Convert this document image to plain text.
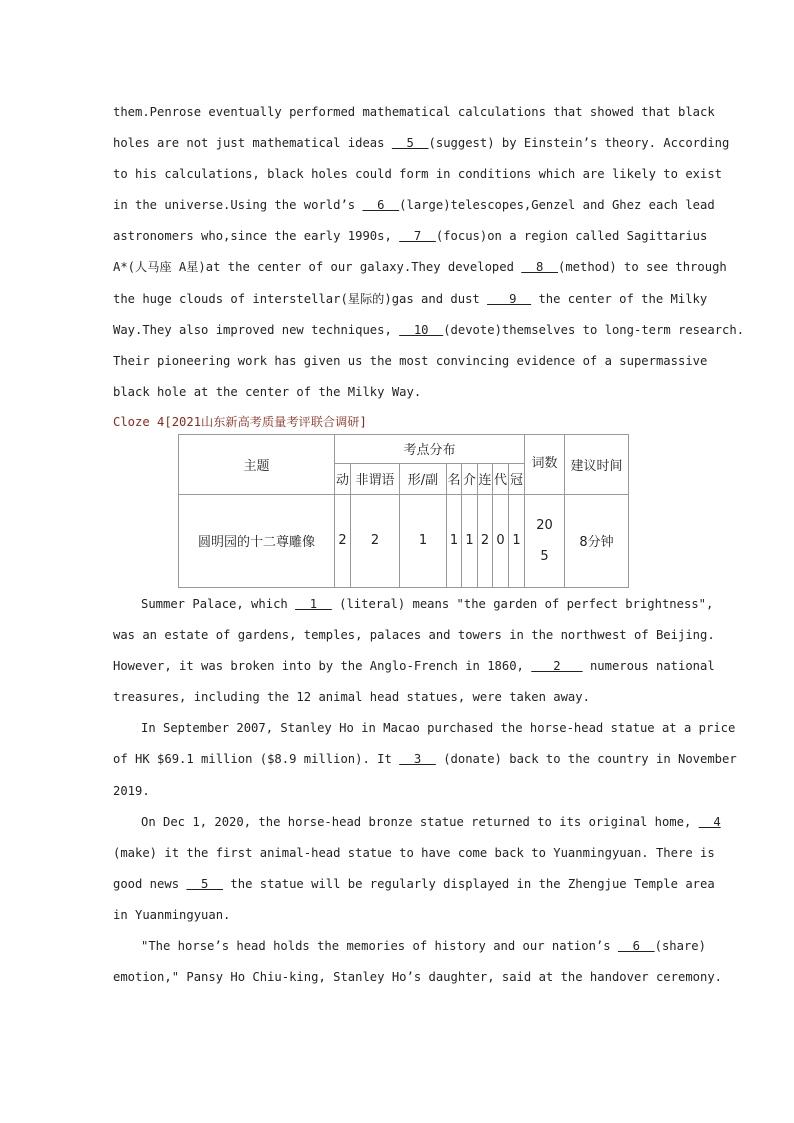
them.Penrose eventually performed mathematical calculations that showed that black

holes are not just mathematical ideas   5  (suggest) by Einstein’s theory. According

to his calculations, black holes could form in conditions which are likely to exist

in the universe.Using the world’s   6  (large)telescopes,Genzel and Ghez each lead

astronomers who,since the early 1990s,   7  (focus)on a region called Sagittarius

A*(人马座 A星)at the center of our galaxy.They developed   8  (method) to see through

the huge clouds of interstellar(星际的)gas and dust    9   the center of the Milky

Way.They also improved new techniques,   10  (devote)themselves to long-term research.

Their pioneering work has given us the most convincing evidence of a supermassive

black hole at the center of the Milky Way.

Cloze 4[2021山东新高考质量考评联合调研]
主题	考点分布								词数	建议时间
	动	非谓语	形/副	名	介	连	代	冠		
圆明园的十二尊雕像	2	2	1	1	1	2	0	1	205	8分钟

Summer Palace, which   1   (literal) means "the garden of perfect brightness",

was an estate of gardens, temples, palaces and towers in the northwest of Beijing.

However, it was broken into by the Anglo-French in 1860,    2    numerous national

treasures, including the 12 animal head statues, were taken away.

In September 2007, Stanley Ho in Macao purchased the horse-head statue at a price

of HK $69.1 million ($8.9 million). It   3   (donate) back to the country in November

2019.

On Dec 1, 2020, the horse-head bronze statue returned to its original home,   4

(make) it the first animal-head statue to have come back to Yuanmingyuan. There is

good news   5   the statue will be regularly displayed in the Zhengjue Temple area

in Yuanmingyuan.

"The horse’s head holds the memories of history and our nation’s   6  (share)

emotion," Pansy Ho Chiu-king, Stanley Ho’s daughter, said at the handover ceremony.
